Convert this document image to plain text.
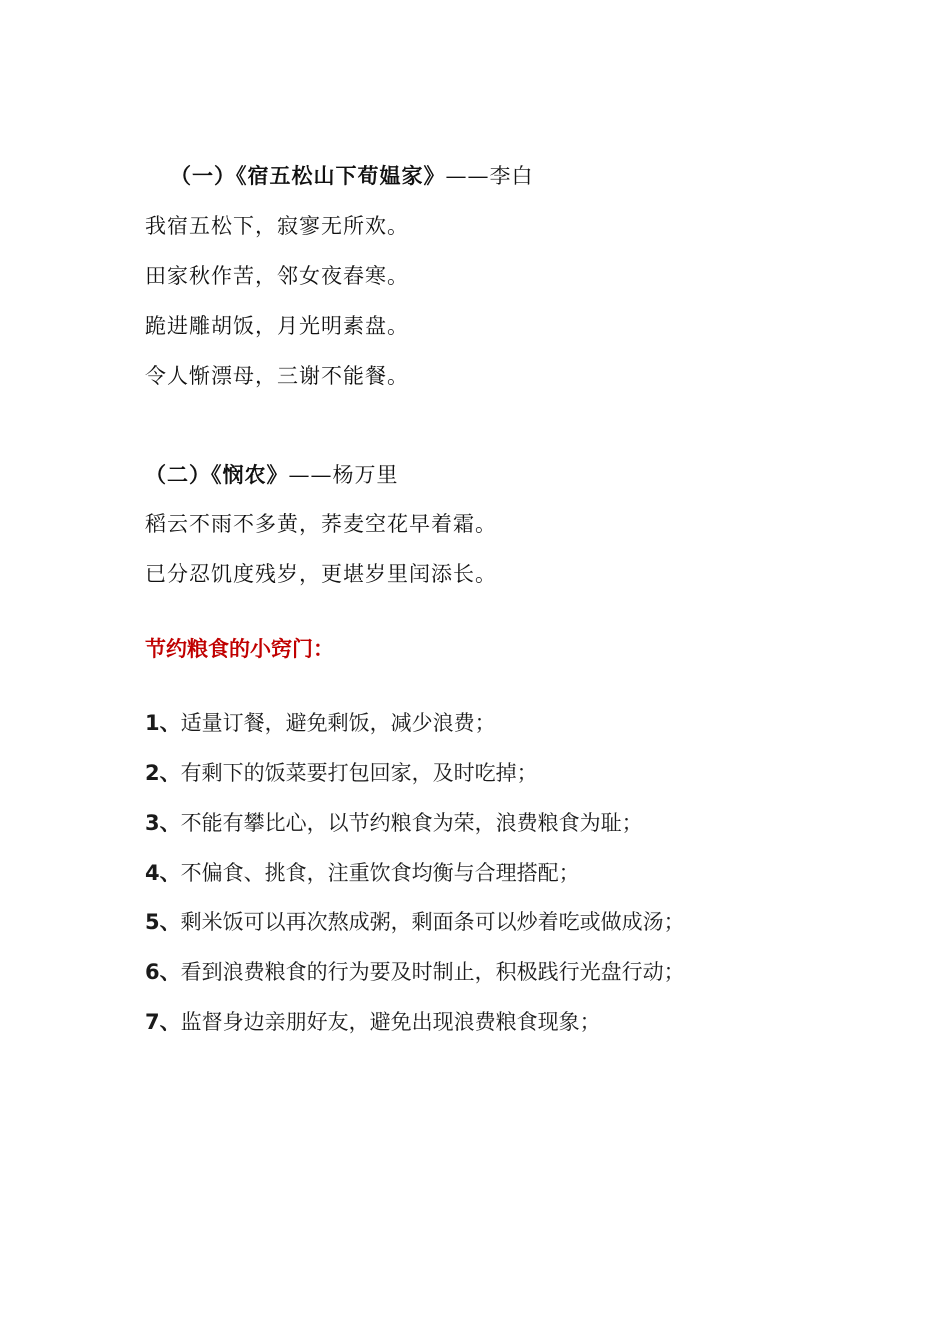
（一）《宿五松山下荀媪家》——李白
我宿五松下，寂寥无所欢。
田家秋作苦，邻女夜舂寒。
跪进雕胡饭，月光明素盘。
令人惭漂母，三谢不能餐。
（二）《悯农》——杨万里
稻云不雨不多黄，荞麦空花早着霜。
已分忍饥度残岁，更堪岁里闰添长。
节约粮食的小窍门：
1、适量订餐，避免剩饭，减少浪费；
2、有剩下的饭菜要打包回家，及时吃掉；
3、不能有攀比心，以节约粮食为荣，浪费粮食为耻；
4、不偏食、挑食，注重饮食均衡与合理搭配；
5、剩米饭可以再次熬成粥，剩面条可以炒着吃或做成汤；
6、看到浪费粮食的行为要及时制止，积极践行光盘行动；
7、监督身边亲朋好友，避免出现浪费粮食现象；
